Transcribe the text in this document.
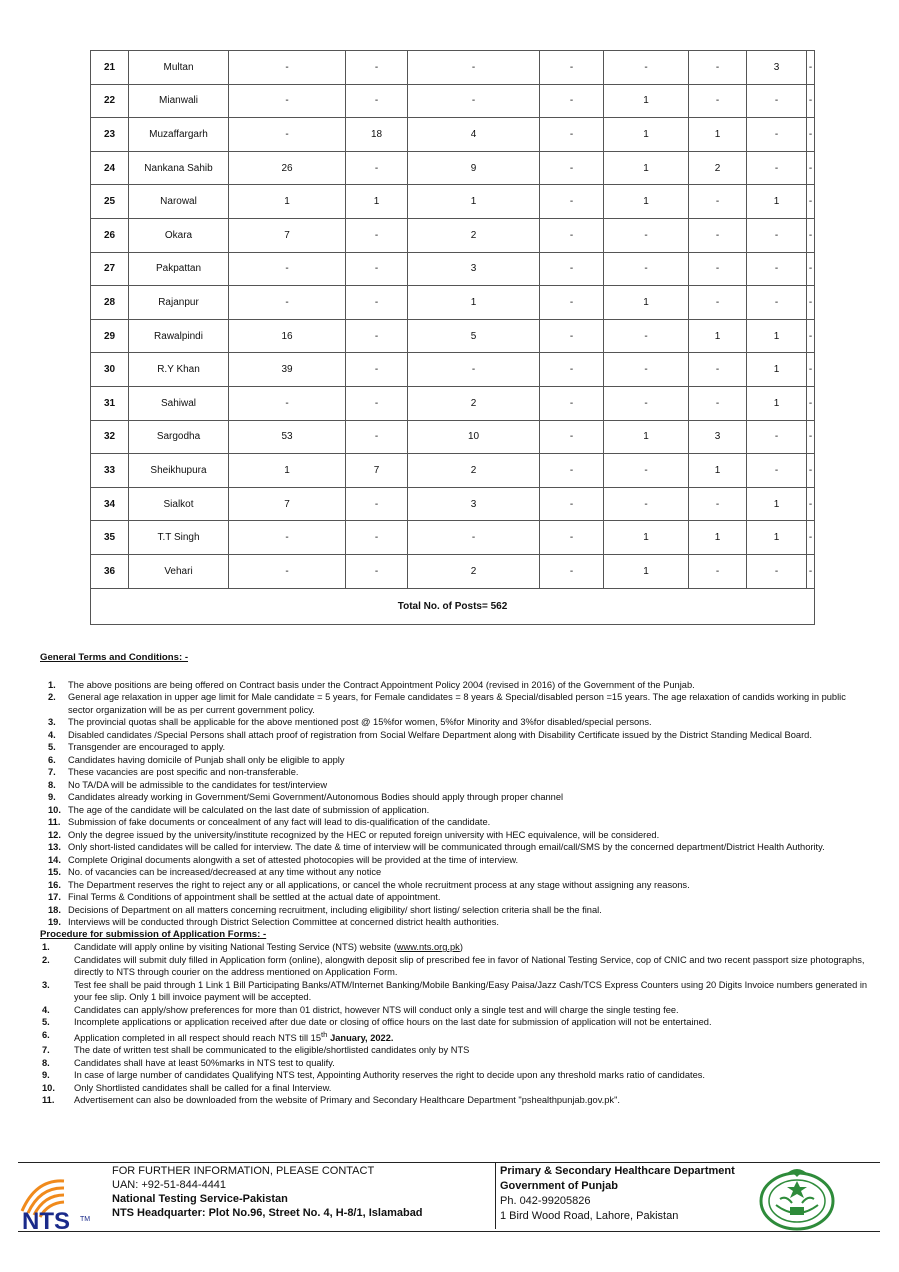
21	Multan	-	-	-	-	-	-	3	-
22	Mianwali	-	-	-	-	1	-	-	-
23	Muzaffargarh	-	18	4	-	1	1	-	-
24	Nankana Sahib	26	-	9	-	1	2	-	-
25	Narowal	1	1	1	-	1	-	1	-
26	Okara	7	-	2	-	-	-	-	-
27	Pakpattan	-	-	3	-	-	-	-	-
28	Rajanpur	-	-	1	-	1	-	-	-
29	Rawalpindi	16	-	5	-	-	1	1	-
30	R.Y Khan	39	-	-	-	-	-	1	-
31	Sahiwal	-	-	2	-	-	-	1	-
32	Sargodha	53	-	10	-	1	3	-	-
33	Sheikhupura	1	7	2	-	-	1	-	-
34	Sialkot	7	-	3	-	-	-	1	-
35	T.T Singh	-	-	-	-	1	1	1	-
36	Vehari	-	-	2	-	1	-	-	-
Total No. of Posts= 562									
General Terms and Conditions: -
1.	The above positions are being offered on Contract basis under the Contract Appointment Policy 2004 (revised in 2016) of the Government of the Punjab.
2.	General age relaxation in upper age limit for Male candidate = 5 years, for Female candidates = 8 years & Special/disabled person =15 years. The age relaxation of candids working in public sector organization will be as per current government policy.
3.	The provincial quotas shall be applicable for the above mentioned post @ 15%for women, 5%for Minority and 3%for disabled/special persons.
4.	Disabled candidates /Special Persons shall attach proof of registration from Social Welfare Department along with Disability Certificate issued by the District Standing Medical Board.
5.	Transgender are encouraged to apply.
6.	Candidates having domicile of Punjab shall only be eligible to apply
7.	These vacancies are post specific and non-transferable.
8.	No TA/DA will be admissible to the candidates for test/interview
9.	Candidates already working in Government/Semi Government/Autonomous Bodies should apply through proper channel
10. The age of the candidate will be calculated on the last date of submission of application.
11. Submission of fake documents or concealment of any fact will lead to dis-qualification of the candidate.
12. Only the degree issued by the university/institute recognized by the HEC or reputed foreign university with HEC equivalence, will be considered.
13. Only short-listed candidates will be called for interview. The date & time of interview will be communicated through email/call/SMS by the concerned department/District Health Authority.
14. Complete Original documents alongwith a set of attested photocopies will be provided at the time of interview.
15. No. of vacancies can be increased/decreased at any time without any notice
16. The Department reserves the right to reject any or all applications, or cancel the whole recruitment process at any stage without assigning any reasons.
17. Final Terms & Conditions of appointment shall be settled at the actual date of appointment.
18. Decisions of Department on all matters concerning recruitment, including eligibility/ short listing/ selection criteria shall be the final.
19. Interviews will be conducted through District Selection Committee at concerned district health authorities.
Procedure for submission of Application Forms: -
1.	Candidate will apply online by visiting National Testing Service (NTS) website (www.nts.org.pk)
2.	Candidates will submit duly filled in Application form (online), alongwith deposit slip of prescribed fee in favor of National Testing Service, cop of CNIC and two recent passport size photographs, directly to NTS through courier on the address mentioned on Application Form.
3.	Test fee shall be paid through 1 Link 1 Bill Participating Banks/ATM/Internet Banking/Mobile Banking/Easy Paisa/Jazz Cash/TCS Express Counters using 20 Digits Invoice numbers generated in your fee slip. Only 1 bill invoice payment will be accepted.
4.	Candidates can apply/show preferences for more than 01 district, however NTS will conduct only a single test and will charge the single testing fee.
5.	Incomplete applications or application received after due date or closing of office hours on the last date for submission of application will not be entertained.
6.	Application completed in all respect should reach NTS till 15th January, 2022.
7.	The date of written test shall be communicated to the eligible/shortlisted candidates only by NTS
8.	Candidates shall have at least 50%marks in NTS test to qualify.
9.	In case of large number of candidates Qualifying NTS test, Appointing Authority reserves the right to decide upon any threshold marks ratio of candidates.
10.	Only Shortlisted candidates shall be called for a final Interview.
11.	Advertisement can also be downloaded from the website of Primary and Secondary Healthcare Department "pshealthpunjab.gov.pk".
NTS TM
FOR FURTHER INFORMATION, PLEASE CONTACT
UAN: +92-51-844-4441
National Testing Service-Pakistan
NTS Headquarter: Plot No.96, Street No. 4, H-8/1, Islamabad
Primary & Secondary Healthcare Department
Government of Punjab
Ph. 042-99205826
1 Bird Wood Road, Lahore, Pakistan
